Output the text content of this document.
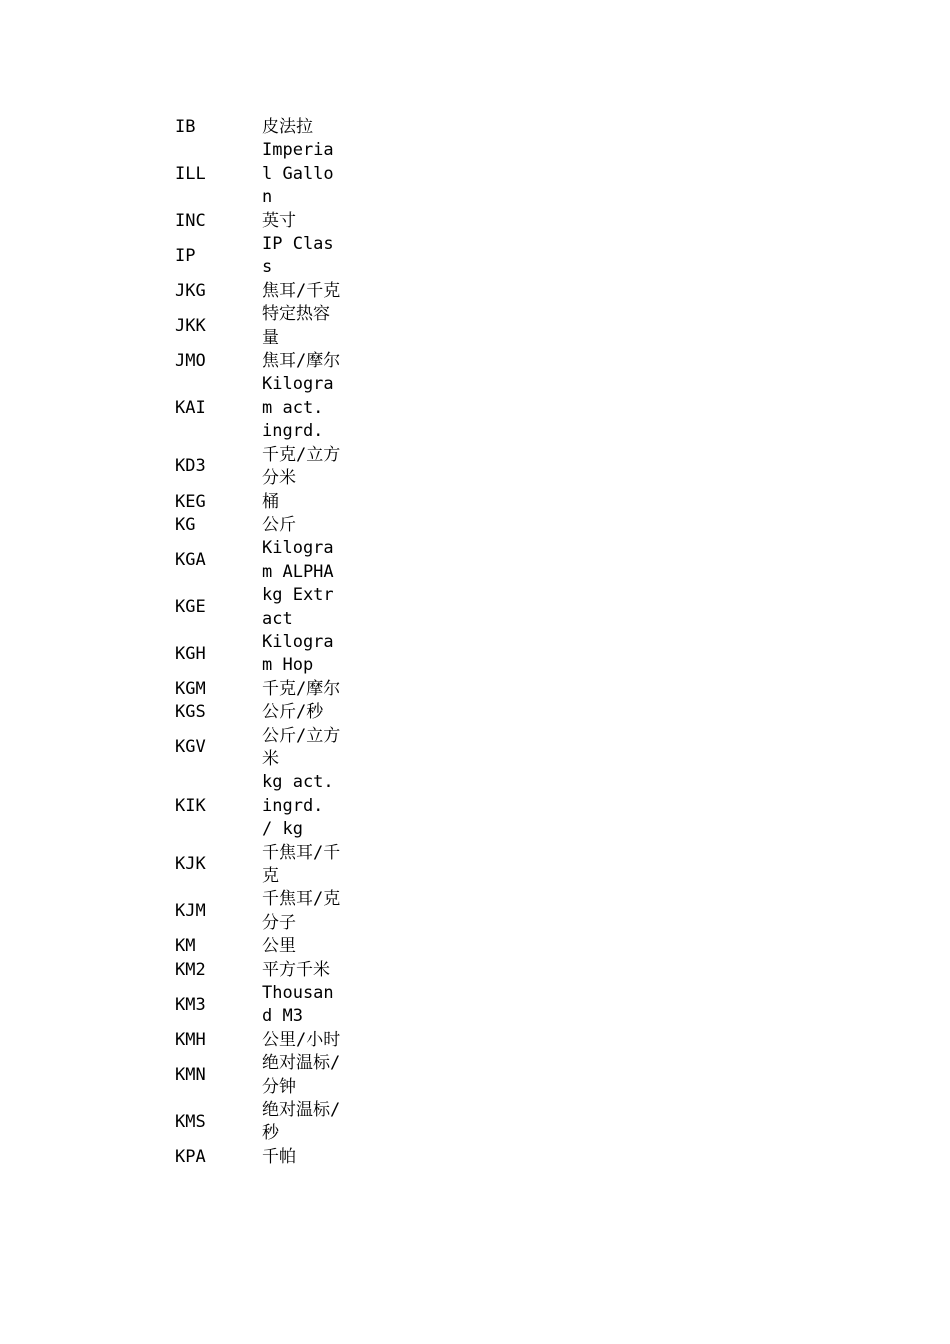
IB	皮法拉
ILL	Imperial Gallon
INC	英寸
IP	IP Class
JKG	焦耳/千克
JKK	特定热容量
JMO	焦耳/摩尔
KAI	Kilogram act. ingrd.
KD3	千克/立方分米
KEG	桶
KG	公斤
KGA	Kilogram ALPHA
KGE	kg Extract
KGH	Kilogram Hop
KGM	千克/摩尔
KGS	公斤/秒
KGV	公斤/立方米
KIK	kg act.ingrd. / kg
KJK	千焦耳/千克
KJM	千焦耳/克分子
KM	公里
KM2	平方千米
KM3	Thousand M3
KMH	公里/小时
KMN	绝对温标/分钟
KMS	绝对温标/秒
KPA	千帕
